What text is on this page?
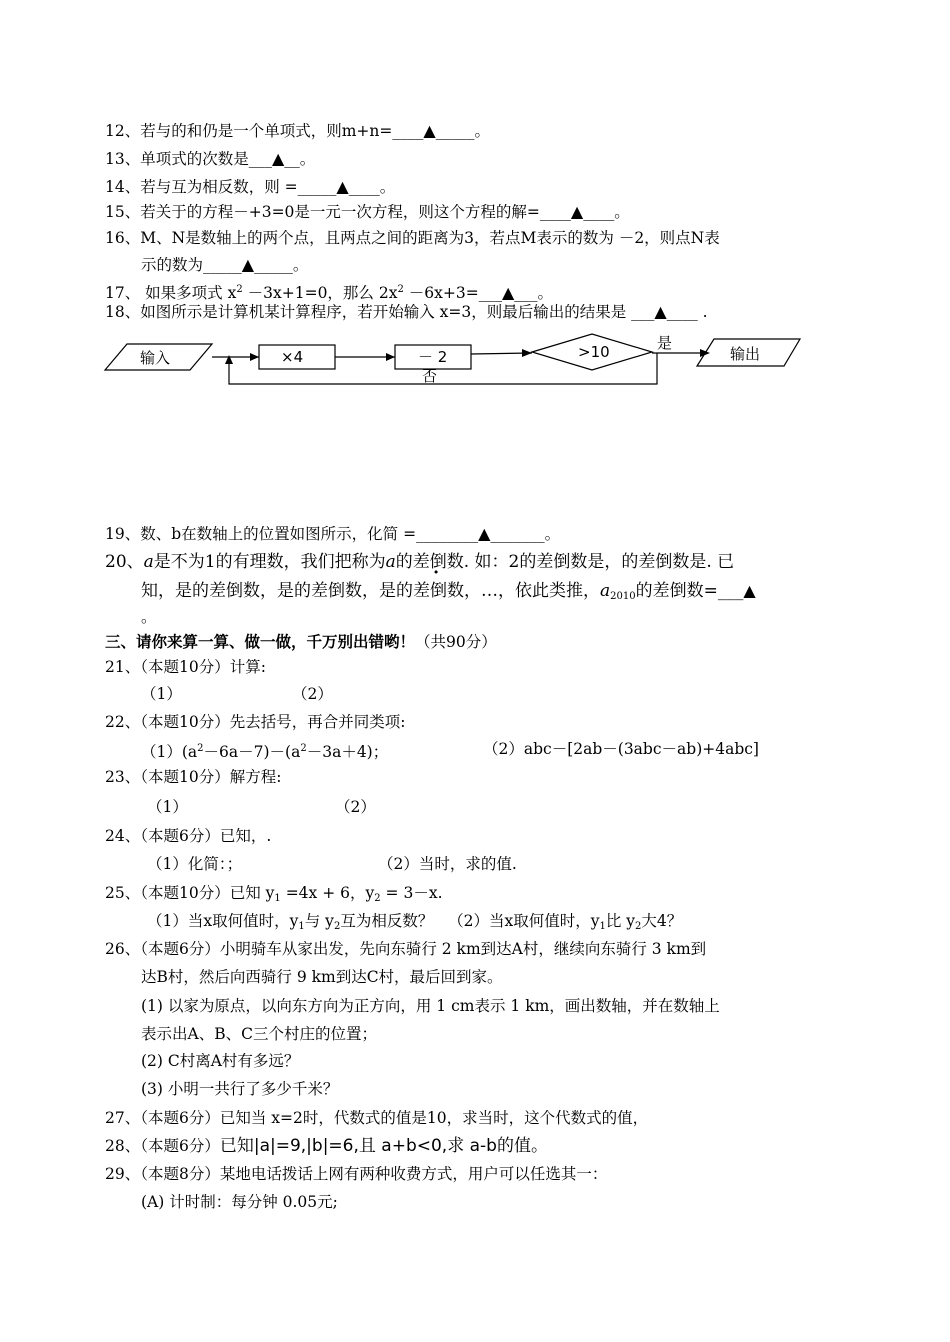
12、若与的和仍是一个单项式，则m+n=____▲_____。
13、单项式的次数是___▲__。
14、若与互为相反数，则 =_____▲____。
15、若关于的方程－+3=0是一元一次方程，则这个方程的解=____▲____。
16、M、N是数轴上的两个点，且两点之间的距离为3，若点M表示的数为 －2，则点N表
示的数为_____▲_____。
17、 如果多项式 $x^2 -3x+1=0$，那么 $2x^2$ －6x+3=___▲___。
18、如图所示是计算机某计算程序，若开始输入 x=3，则最后输出的结果是 ___▲____ .
输入	×4	－ 2	>10	是
输出
否
19、数、b在数轴上的位置如图所示，化简 =________▲_______。
20、a是不为1的有理数，我们把称为a的差倒数. 如：2的差倒数是，的差倒数是. 已
知，是的差倒数，是的差倒数，是的差倒数，…，依此类推，$a_{2010}$的差倒数=___▲
。
三、请你来算一算、做一做，千万别出错哟！（共90分）
21、（本题10分）计算:
（1）	（2）
22、（本题10分）先去括号，再合并同类项:
$(1)(a^2-6a-7)-(a^2-3a+4)$；	（2）abc－[2ab－(3abc－ab)+4abc]
23、（本题10分）解方程:
（1）	（2）
24、（本题6分）已知，.
（1）化简：；	（2）当时，求的值.
25、（本题10分）已知 $y_1 =4x + 6$，$y_2 = 3-x$.
（1）当x取何值时，$y_1$与 $y_2$互为相反数？ （2）当x取何值时，$y_1$比 $y_2$大4？
26、（本题6分）小明骑车从家出发，先向东骑行 2 km到达A村，继续向东骑行 3 km到
达B村，然后向西骑行 9 km到达C村，最后回到家。
(1) 以家为原点，以向东方向为正方向，用 1 cm表示 1 km，画出数轴，并在数轴上
表示出A、B、C三个村庄的位置；
(2) C村离A村有多远？
(3) 小明一共行了多少千米？
27、（本题6分）已知当 x=2时，代数式的值是10，求当时，这个代数式的值，
28、（本题6分）已知|a|=9,|b|=6,且 a+b<0,求 a-b的值。
29、（本题8分）某地电话拨话上网有两种收费方式，用户可以任选其一：
(A) 计时制：每分钟 0.05元;
